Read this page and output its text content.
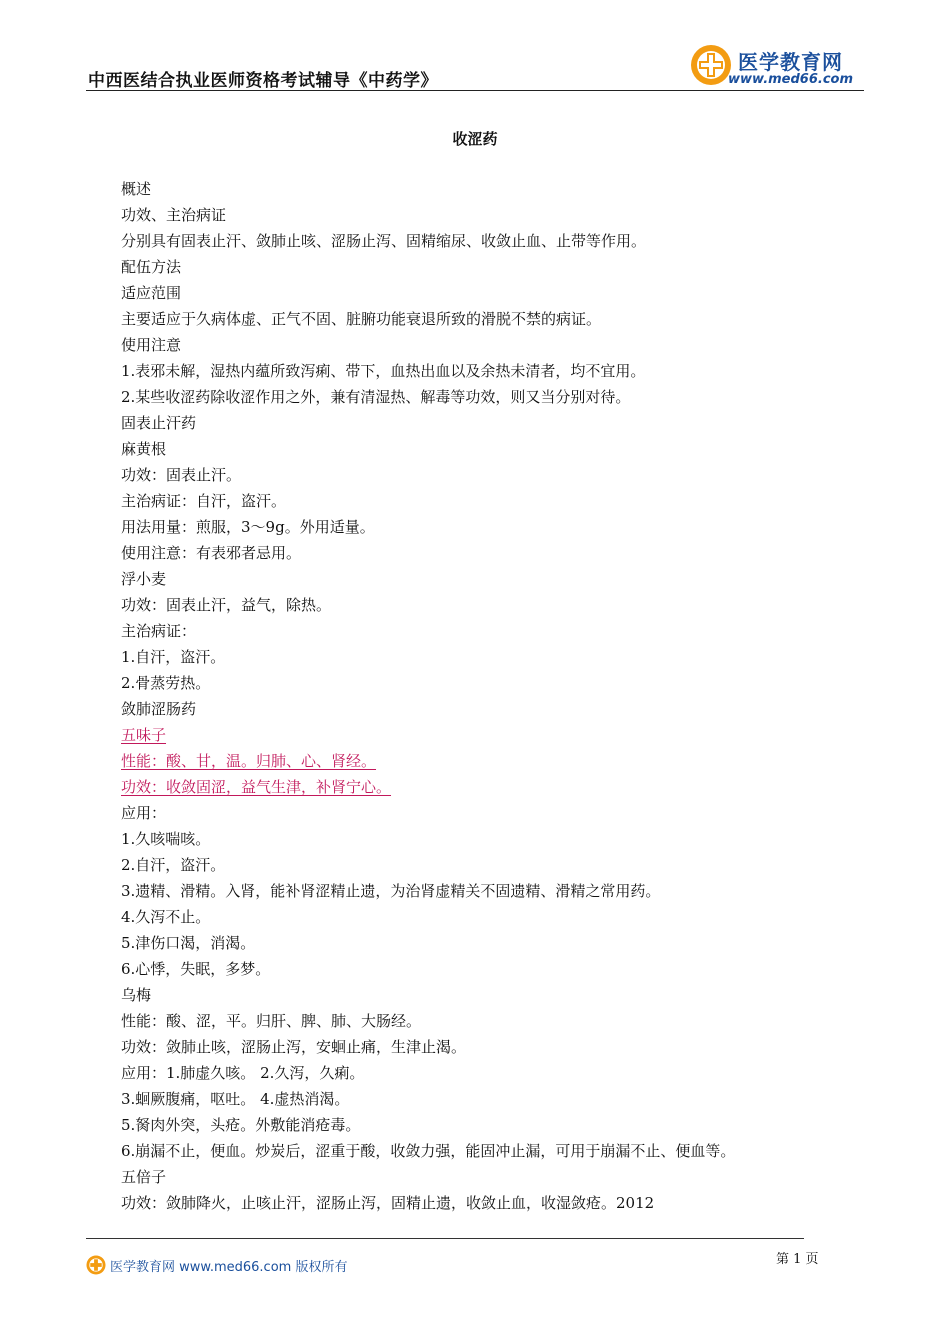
中西医结合执业医师资格考试辅导《中药学》
医学教育网
www.med66.com
收涩药
概述
功效、主治病证
分别具有固表止汗、敛肺止咳、涩肠止泻、固精缩尿、收敛止血、止带等作用。
配伍方法
适应范围
主要适应于久病体虚、正气不固、脏腑功能衰退所致的滑脱不禁的病证。
使用注意
1.表邪未解，湿热内蕴所致泻痢、带下，血热出血以及余热未清者，均不宜用。
2.某些收涩药除收涩作用之外，兼有清湿热、解毒等功效，则又当分别对待。
固表止汗药
麻黄根
功效：固表止汗。
主治病证：自汗，盗汗。
用法用量：煎服，3～9g。外用适量。
使用注意：有表邪者忌用。
浮小麦
功效：固表止汗，益气，除热。
主治病证：
1.自汗，盗汗。
2.骨蒸劳热。
敛肺涩肠药
五味子
性能：酸、甘，温。归肺、心、肾经。
功效：收敛固涩，益气生津，补肾宁心。
应用：
1.久咳喘咳。
2.自汗，盗汗。
3.遗精、滑精。入肾，能补肾涩精止遗，为治肾虚精关不固遗精、滑精之常用药。
4.久泻不止。
5.津伤口渴，消渴。
6.心悸，失眠，多梦。
乌梅
性能：酸、涩，平。归肝、脾、肺、大肠经。
功效：敛肺止咳，涩肠止泻，安蛔止痛，生津止渴。
应用：1.肺虚久咳。 2.久泻，久痢。
3.蛔厥腹痛，呕吐。 4.虚热消渴。
5.胬肉外突，头疮。外敷能消疮毒。
6.崩漏不止，便血。炒炭后，涩重于酸，收敛力强，能固冲止漏，可用于崩漏不止、便血等。
五倍子
功效：敛肺降火，止咳止汗，涩肠止泻，固精止遗，收敛止血，收湿敛疮。2012
医学教育网 www.med66.com 版权所有
第 1 页
